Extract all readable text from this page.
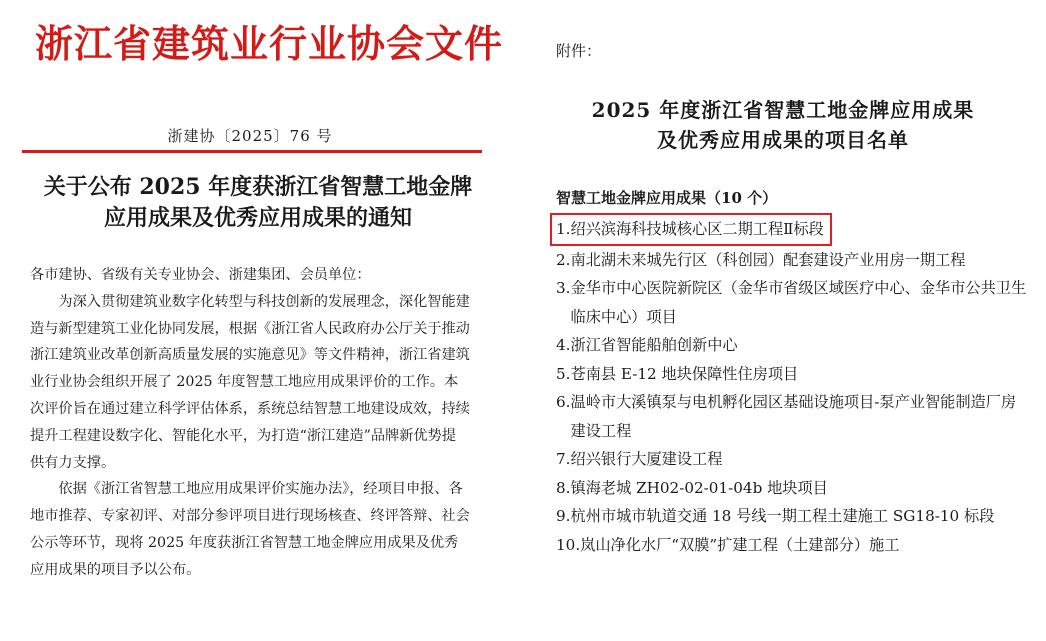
浙江省建筑业行业协会文件
浙建协〔2025〕76 号
关于公布 2025 年度获浙江省智慧工地金牌
应用成果及优秀应用成果的通知

各市建协、省级有关专业协会、浙建集团、会员单位：

为深入贯彻建筑业数字化转型与科技创新的发展理念，深化智能建造与新型建筑工业化协同发展，根据《浙江省人民政府办公厅关于推动浙江建筑业改革创新高质量发展的实施意见》等文件精神，浙江省建筑业行业协会组织开展了 2025 年度智慧工地应用成果评价的工作。本次评价旨在通过建立科学评估体系，系统总结智慧工地建设成效，持续提升工程建设数字化、智能化水平，为打造“浙江建造”品牌新优势提供有力支撑。

依据《浙江省智慧工地应用成果评价实施办法》，经项目申报、各地市推荐、专家初评、对部分参评项目进行现场核查、终评答辩、社会公示等环节，现将 2025 年度获浙江省智慧工地金牌应用成果及优秀应用成果的项目予以公布。

附件：
2025 年度浙江省智慧工地金牌应用成果
及优秀应用成果的项目名单
智慧工地金牌应用成果（10 个）
1. 绍兴滨海科技城核心区二期工程Ⅱ标段
2. 南北湖未来城先行区（科创园）配套建设产业用房一期工程
3. 金华市中心医院新院区（金华市省级区域医疗中心、金华市公共卫生临床中心）项目
4. 浙江省智能船舶创新中心
5. 苍南县 E-12 地块保障性住房项目
6. 温岭市大溪镇泵与电机孵化园区基础设施项目-泵产业智能制造厂房建设工程
7. 绍兴银行大厦建设工程
8. 镇海老城 ZH02-02-01-04b 地块项目
9. 杭州市城市轨道交通 18 号线一期工程土建施工 SG18-10 标段
10. 岚山净化水厂“双膜”扩建工程（土建部分）施工
